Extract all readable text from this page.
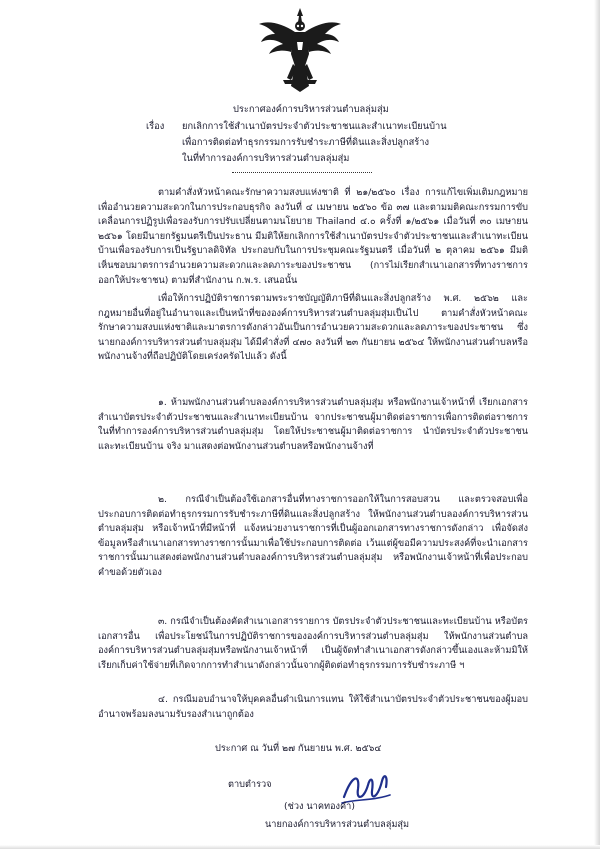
ประกาศองค์การบริหารส่วนตำบลลุ่มสุ่ม
เรื่อง ยกเลิกการใช้สำเนาบัตรประจำตัวประชาชนและสำเนาทะเบียนบ้าน
เพื่อการติดต่อทำธุรกรรมการรับชำระภาษีที่ดินและสิ่งปลูกสร้าง
ในที่ทำการองค์การบริหารส่วนตำบลลุ่มสุ่ม

ตามคำสั่งหัวหน้าคณะรักษาความสงบแห่งชาติ ที่ ๒๑/๒๕๖๐ เรื่อง การแก้ไขเพิ่มเติมกฎหมายเพื่ออำนวยความสะดวกในการประกอบธุรกิจ ลงวันที่ ๔ เมษายน ๒๕๖๐ ข้อ ๓๗ และตามมติคณะกรรมการขับเคลื่อนการปฏิรูปเพื่อรองรับการปรับเปลี่ยนตามนโยบาย Thailand ๔.๐ ครั้งที่ ๑/๒๕๖๑ เมื่อวันที่ ๓๐ เมษายน ๒๕๖๑ โดยมีนายกรัฐมนตรีเป็นประธาน มีมติให้ยกเลิกการใช้สำเนาบัตรประจำตัวประชาชนและสำเนาทะเบียนบ้านเพื่อรองรับการเป็นรัฐบาลดิจิทัล ประกอบกับในการประชุมคณะรัฐมนตรี เมื่อวันที่ ๒ ตุลาคม ๒๕๖๑ มีมติเห็นชอบมาตรการอำนวยความสะดวกและลดภาระของประชาชน (การไม่เรียกสำเนาเอกสารที่ทางราชการออกให้ประชาชน) ตามที่สำนักงาน ก.พ.ร. เสนอนั้น

เพื่อให้การปฏิบัติราชการตามพระราชบัญญัติภาษีที่ดินและสิ่งปลูกสร้าง พ.ศ. ๒๕๖๒ และกฎหมายอื่นที่อยู่ในอำนาจและเป็นหน้าที่ขององค์การบริหารส่วนตำบลลุ่มสุ่มเป็นไป ตามคำสั่งหัวหน้าคณะรักษาความสงบแห่งชาติและมาตรการดังกล่าวอันเป็นการอำนวยความสะดวกและลดภาระของประชาชน ซึ่งนายกองค์การบริหารส่วนตำบลลุ่มสุ่ม ได้มีคำสั่งที่ ๔๗๐ ลงวันที่ ๒๓ กันยายน ๒๕๖๔ ให้พนักงานส่วนตำบลหรือพนักงานจ้างที่ถือปฏิบัติโดยเคร่งครัดไปแล้ว ดังนี้

๑. ห้ามพนักงานส่วนตำบลองค์การบริหารส่วนตำบลลุ่มสุ่ม หรือพนักงานเจ้าหน้าที่ เรียกเอกสารสำเนาบัตรประจำตัวประชาชนและสำเนาทะเบียนบ้าน จากประชาชนผู้มาติดต่อราชการเพื่อการติดต่อราชการ ในที่ทำการองค์การบริหารส่วนตำบลลุ่มสุ่ม โดยให้ประชาชนผู้มาติดต่อราชการ นำบัตรประจำตัวประชาชน และทะเบียนบ้าน จริง มาแสดงต่อพนักงานส่วนตำบลหรือพนักงานจ้างที่

๒. กรณีจำเป็นต้องใช้เอกสารอื่นที่ทางราชการออกให้ในการสอบสวน และตรวจสอบเพื่อประกอบการติดต่อทำธุรกรรมการรับชำระภาษีที่ดินและสิ่งปลูกสร้าง ให้พนักงานส่วนตำบลองค์การบริหารส่วนตำบลลุ่มสุ่ม หรือเจ้าหน้าที่มีหน้าที่ แจ้งหน่วยงานราชการที่เป็นผู้ออกเอกสารทางราชการดังกล่าว เพื่อจัดส่งข้อมูลหรือสำเนาเอกสารทางราชการนั้นมาเพื่อใช้ประกอบการติดต่อ เว้นแต่ผู้ขอมีความประสงค์ที่จะนำเอกสารราชการนั้นมาแสดงต่อพนักงานส่วนตำบลองค์การบริหารส่วนตำบลลุ่มสุ่ม หรือพนักงานเจ้าหน้าที่เพื่อประกอบคำขอด้วยตัวเอง

๓. กรณีจำเป็นต้องคัดสำเนาเอกสารรายการ บัตรประจำตัวประชาชนและทะเบียนบ้าน หรือบัตรเอกสารอื่น เพื่อประโยชน์ในการปฏิบัติราชการขององค์การบริหารส่วนตำบลลุ่มสุ่ม ให้พนักงานส่วนตำบลองค์การบริหารส่วนตำบลลุ่มสุ่มหรือพนักงานเจ้าหน้าที่ เป็นผู้จัดทำสำเนาเอกสารดังกล่าวขึ้นเองและห้ามมิให้เรียกเก็บค่าใช้จ่ายที่เกิดจากการทำสำเนาดังกล่าวนั้นจากผู้ติดต่อทำธุรกรรมการรับชำระภาษี ฯ

๔. กรณีมอบอำนาจให้บุคคลอื่นดำเนินการแทน ให้ใช้สำเนาบัตรประจำตัวประชาชนของผู้มอบอำนาจพร้อมลงนามรับรองสำเนาถูกต้อง

ประกาศ ณ วันที่ ๒๗ กันยายน พ.ศ. ๒๕๖๔
ตาบตำรวจ
(ช่วง นาคทองคำ)
นายกองค์การบริหารส่วนตำบลลุ่มสุ่ม
